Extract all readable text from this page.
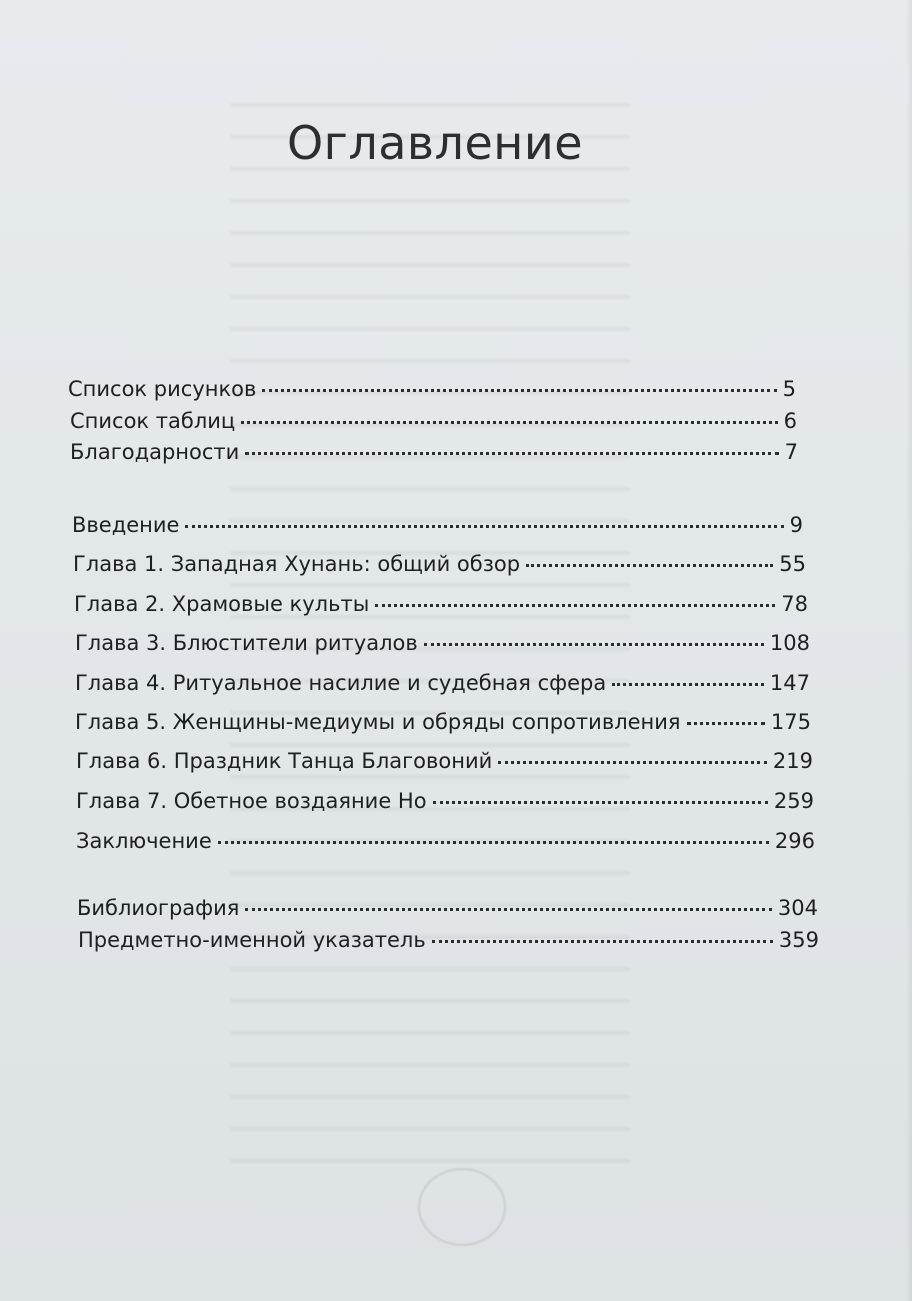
Оглавление
Список рисунков	5
Список таблиц	6
Благодарности	7
Введение	9
Глава 1. Западная Хунань: общий обзор	55
Глава 2. Храмовые культы	78
Глава 3. Блюстители ритуалов	108
Глава 4. Ритуальное насилие и судебная сфера	147
Глава 5. Женщины-медиумы и обряды сопротивления	175
Глава 6. Праздник Танца Благовоний	219
Глава 7. Обетное воздаяние Но	259
Заключение	296
Библиография	304
Предметно-именной указатель	359
